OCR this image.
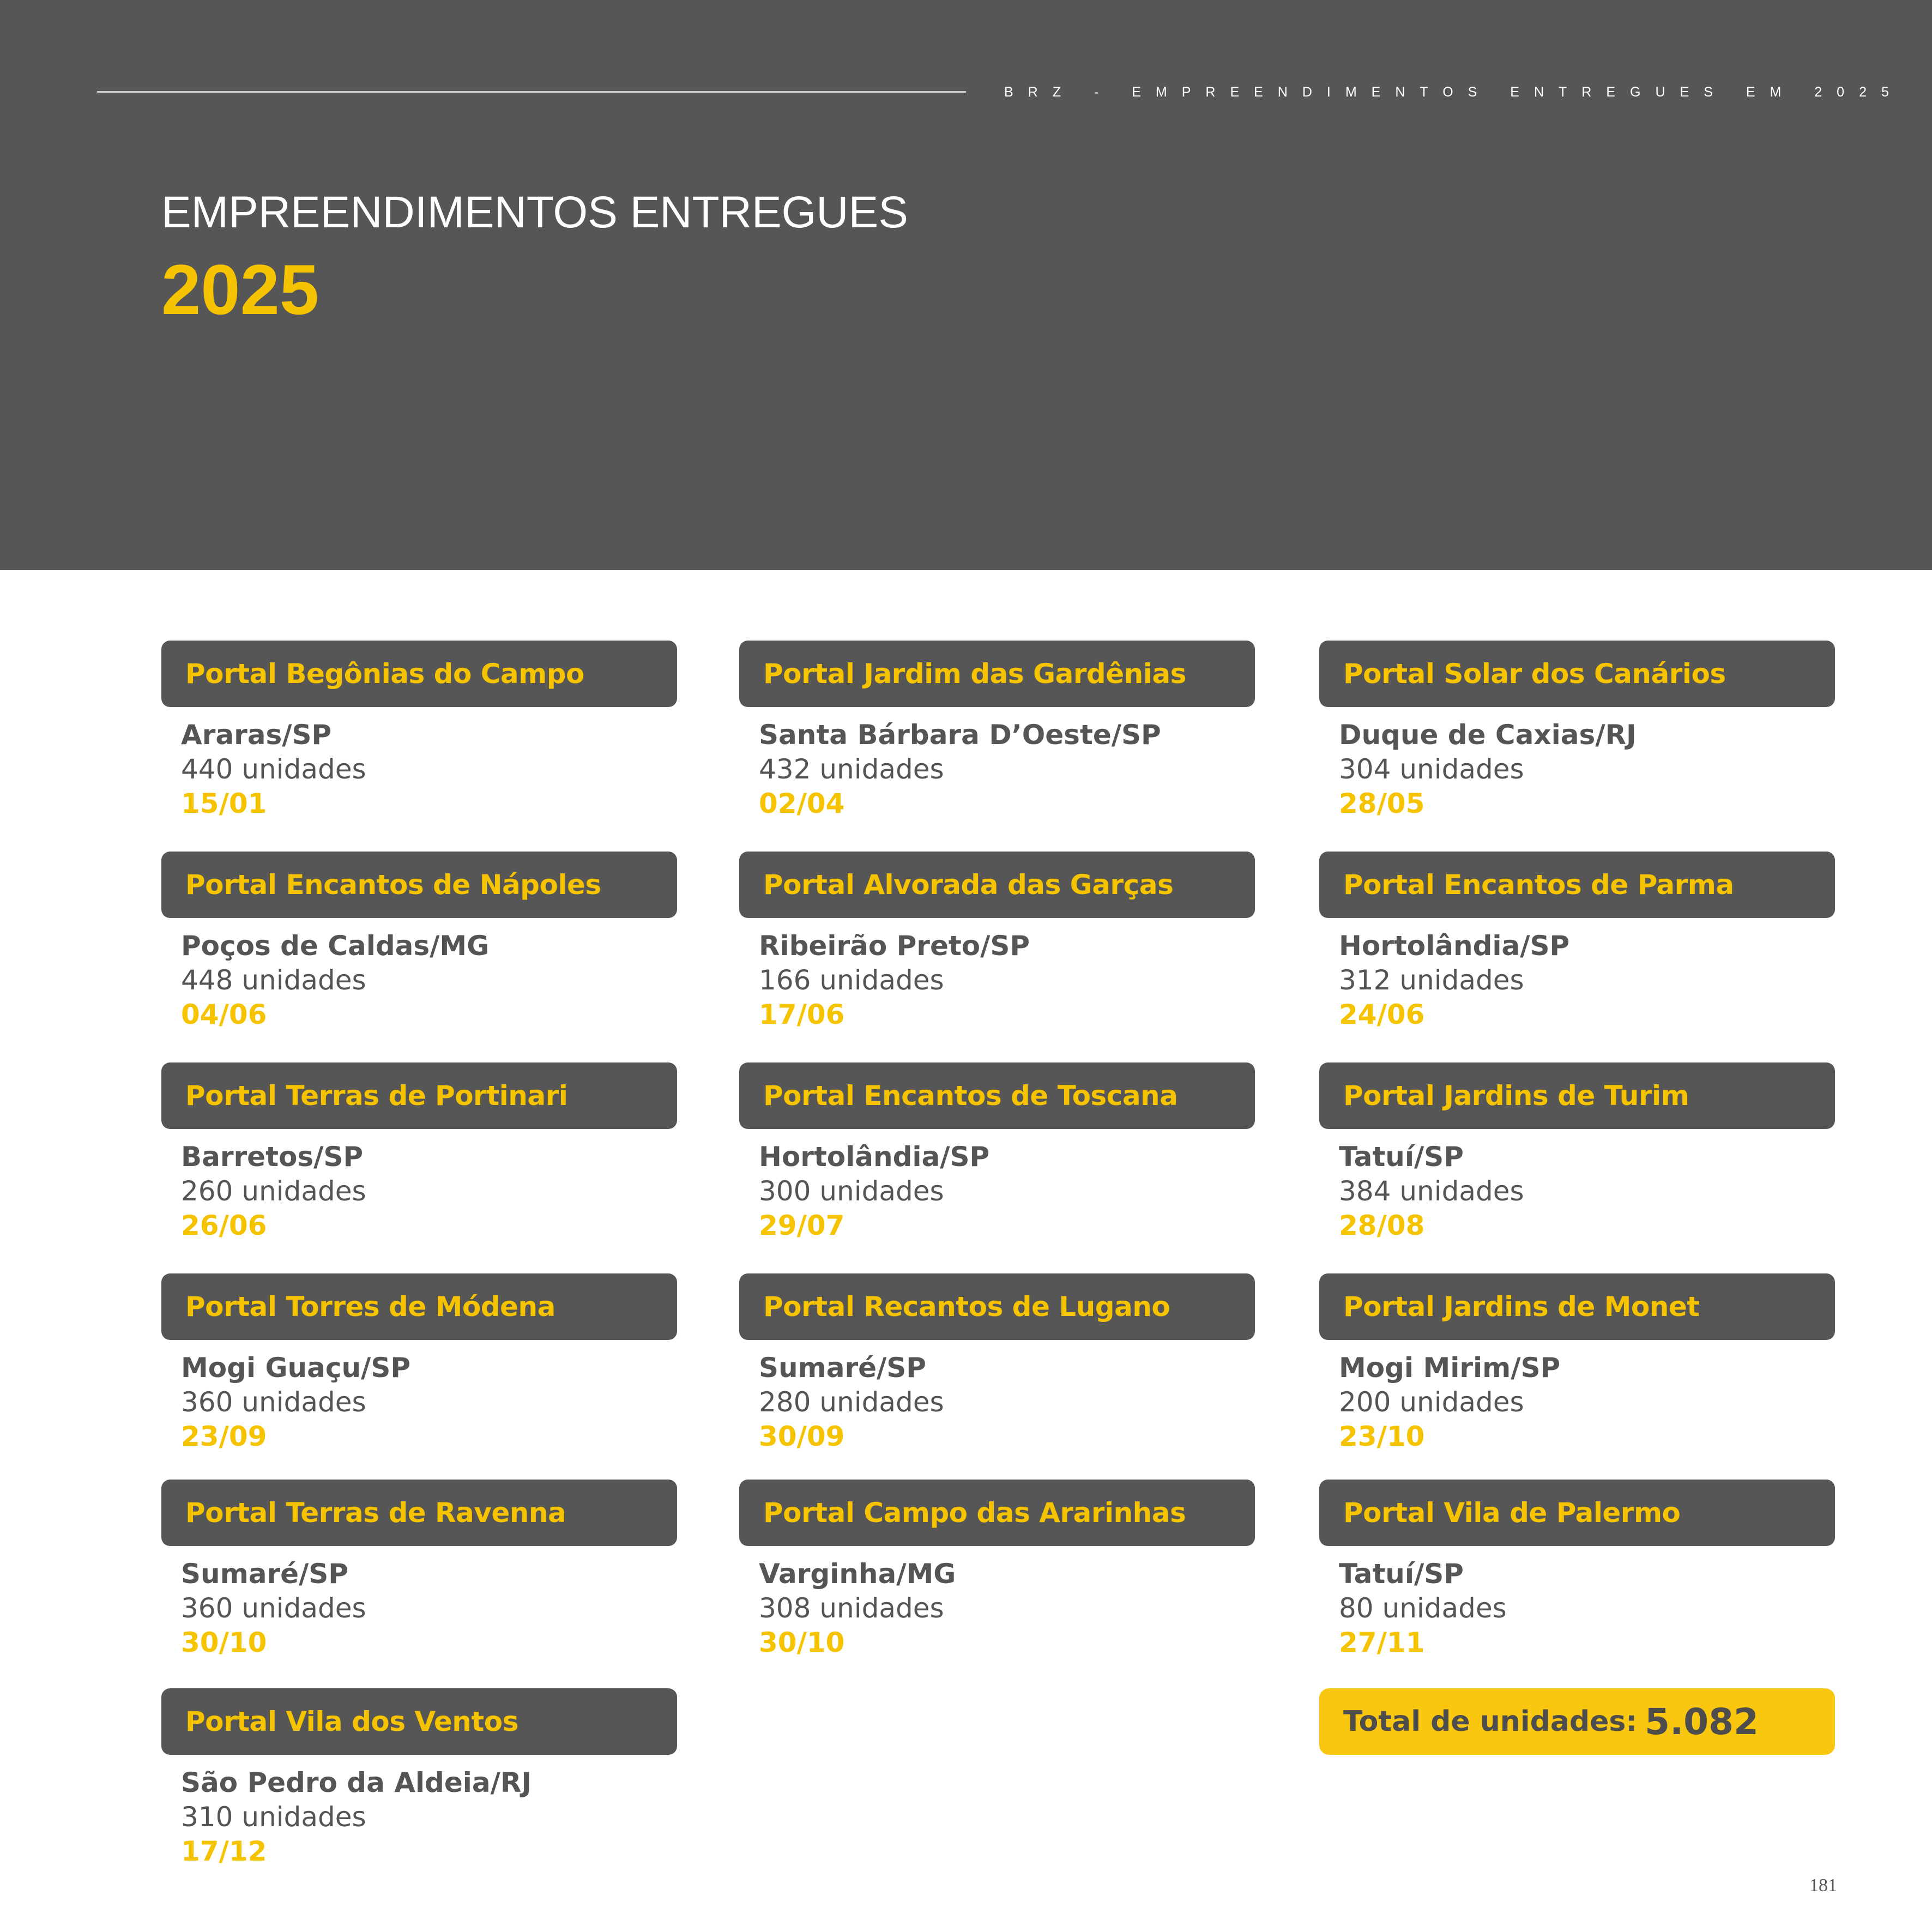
BRZ - EMPREENDIMENTOS ENTREGUES EM 2025
EMPREENDIMENTOS ENTREGUES
2025
Portal Begônias do Campo
Araras/SP
440 unidades
15/01
Portal Encantos de Nápoles
Poços de Caldas/MG
448 unidades
04/06
Portal Terras de Portinari
Barretos/SP
260 unidades
26/06
Portal Torres de Módena
Mogi Guaçu/SP
360 unidades
23/09
Portal Terras de Ravenna
Sumaré/SP
360 unidades
30/10
Portal Vila dos Ventos
São Pedro da Aldeia/RJ
310 unidades
17/12
Portal Jardim das Gardênias
Santa Bárbara D’Oeste/SP
432 unidades
02/04
Portal Alvorada das Garças
Ribeirão Preto/SP
166 unidades
17/06
Portal Encantos de Toscana
Hortolândia/SP
300 unidades
29/07
Portal Recantos de Lugano
Sumaré/SP
280 unidades
30/09
Portal Campo das Ararinhas
Varginha/MG
308 unidades
30/10
Portal Solar dos Canários
Duque de Caxias/RJ
304 unidades
28/05
Portal Encantos de Parma
Hortolândia/SP
312 unidades
24/06
Portal Jardins de Turim
Tatuí/SP
384 unidades
28/08
Portal Jardins de Monet
Mogi Mirim/SP
200 unidades
23/10
Portal Vila de Palermo
Tatuí/SP
80 unidades
27/11
Total de unidades: 5.082
181
